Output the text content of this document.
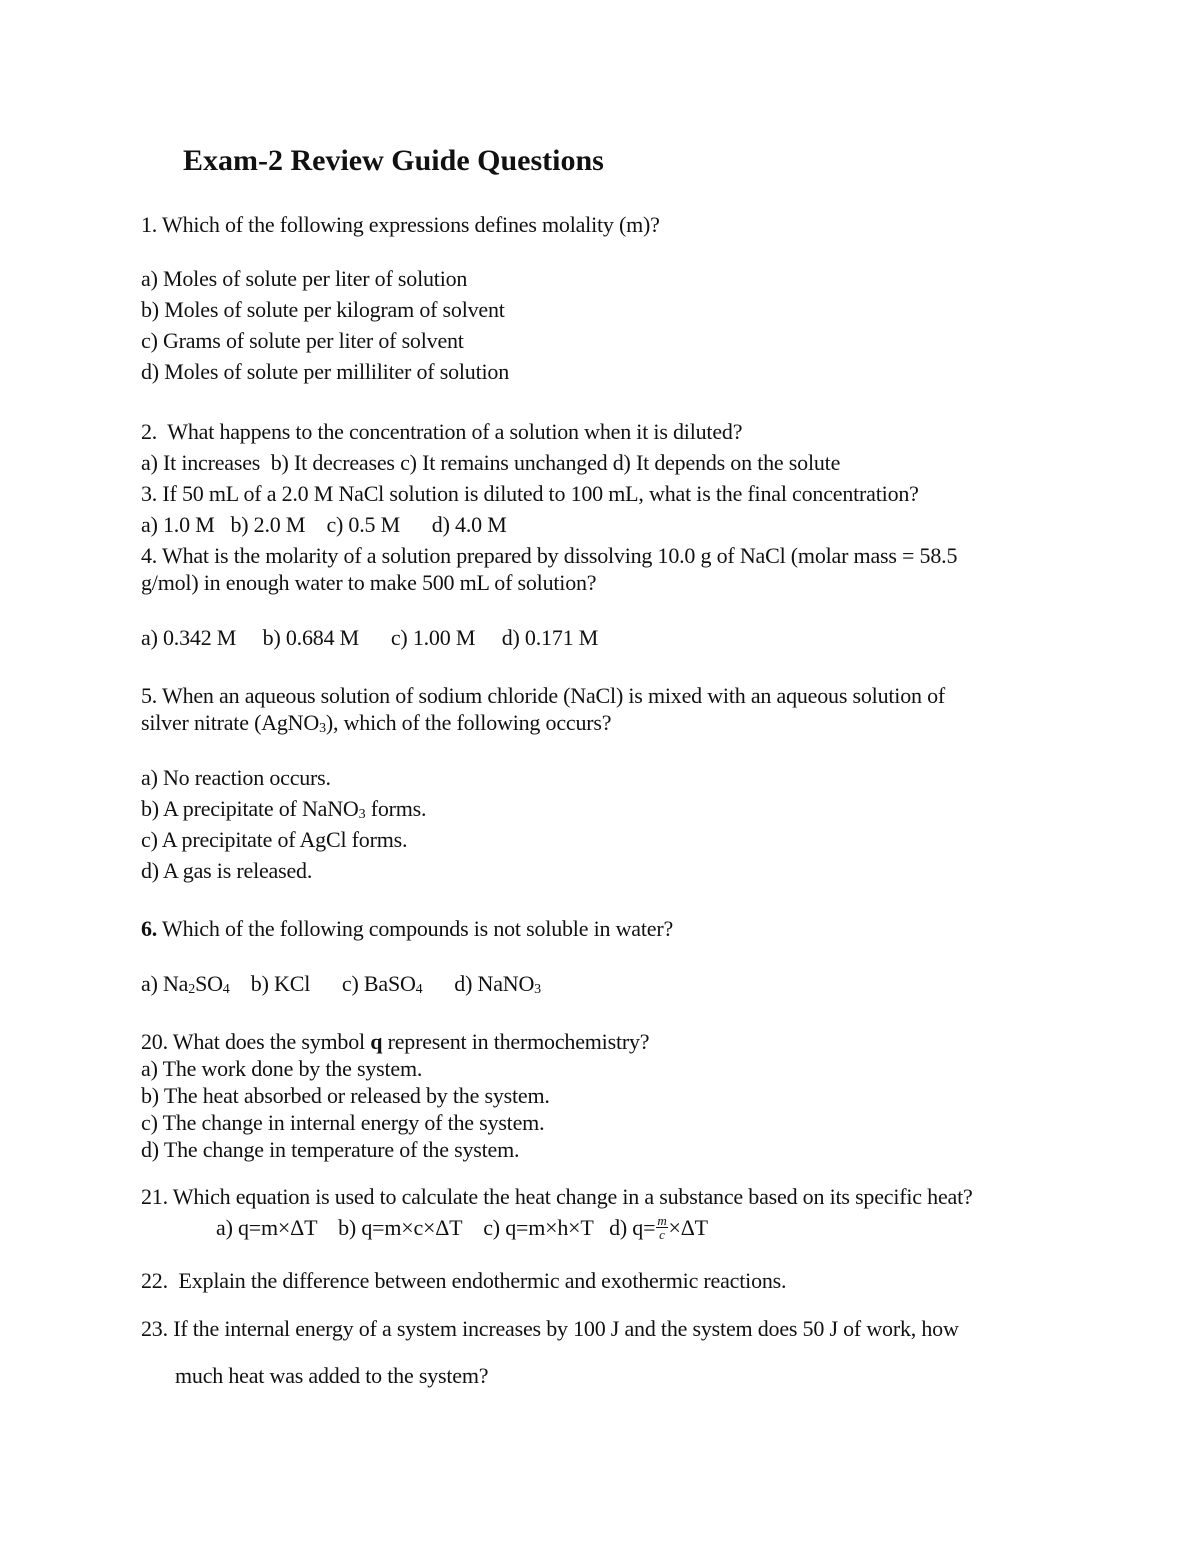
Exam-2 Review Guide Questions
1. Which of the following expressions defines molality (m)?
a) Moles of solute per liter of solution
b) Moles of solute per kilogram of solvent
c) Grams of solute per liter of solvent
d) Moles of solute per milliliter of solution
2.  What happens to the concentration of a solution when it is diluted?
a) It increases  b) It decreases c) It remains unchanged d) It depends on the solute
3. If 50 mL of a 2.0 M NaCl solution is diluted to 100 mL, what is the final concentration?
a) 1.0 M   b) 2.0 M    c) 0.5 M      d) 4.0 M
4. What is the molarity of a solution prepared by dissolving 10.0 g of NaCl (molar mass = 58.5
g/mol) in enough water to make 500 mL of solution?
a) 0.342 M     b) 0.684 M      c) 1.00 M     d) 0.171 M
5. When an aqueous solution of sodium chloride (NaCl) is mixed with an aqueous solution of
silver nitrate (AgNO3), which of the following occurs?
a) No reaction occurs.
b) A precipitate of NaNO3 forms.
c) A precipitate of AgCl forms.
d) A gas is released.
6. Which of the following compounds is not soluble in water?
a) Na2SO4    b) KCl      c) BaSO4      d) NaNO3
20. What does the symbol q represent in thermochemistry?
a) The work done by the system.
b) The heat absorbed or released by the system.
c) The change in internal energy of the system.
d) The change in temperature of the system.
21. Which equation is used to calculate the heat change in a substance based on its specific heat?
a) q=m×ΔT    b) q=m×c×ΔT    c) q=m×h×T   d) $q= \frac{m}{c} \times\Delta T$
22.  Explain the difference between endothermic and exothermic reactions.
23. If the internal energy of a system increases by 100 J and the system does 50 J of work, how
much heat was added to the system?
